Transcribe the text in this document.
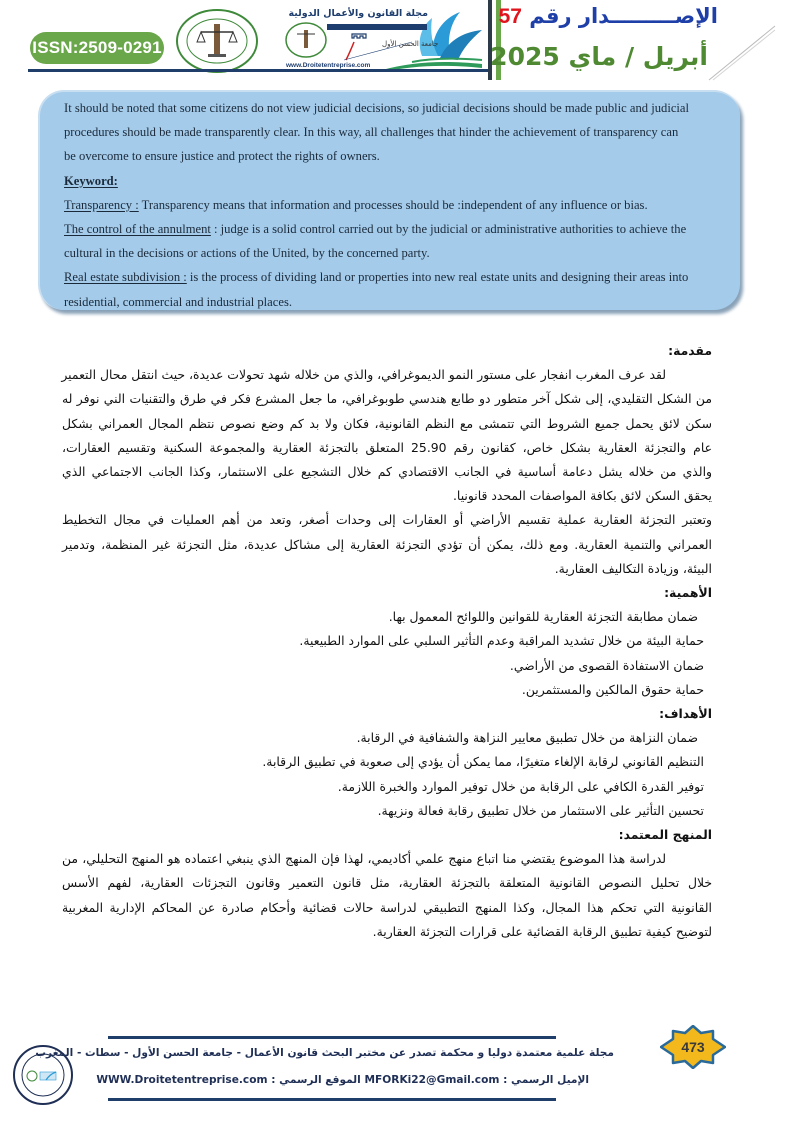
ISSN:2509-0291
مجلة القانون والأعمال الدولية
جامعة الحسن الأول
www.Droitetentreprise.com
الإصـــــــــدار رقم 57
أبريل / ماي 2025

It should be noted that some citizens do not view judicial decisions, so judicial decisions should be made public and judicial

procedures should be made transparently clear. In this way, all challenges that hinder the achievement of transparency can

be overcome to ensure justice and protect the rights of owners.

Keyword:

Transparency : Transparency means that information and processes should be :independent of any influence or bias.

The control of the annulment : judge is a solid control carried out by the judicial or administrative authorities to achieve the

cultural in the decisions or actions of the United, by the concerned party.

Real estate subdivision : is the process of dividing land or properties into new real estate units and designing their areas into

residential, commercial and industrial places.

مقدمة:
لقد عرف المغرب انفجار على مستور النمو الديموغرافي، والذي من خلاله شهد تحولات عديدة، حيث انتقل محال التعمير
من الشكل التقليدي، إلى شكل آخر متطور دو طابع هندسي طوبوغرافي، ما جعل المشرع فكر في طرق والتقنيات الني نوفر له
سكن لائق يحمل جميع الشروط التي تتمشى مع النظم القانونية، فكان ولا بد كم وضع نصوص نتظم المجال العمراني بشكل
عام والتجزئة العقارية بشكل خاص، كقانون رقم 25.90 المتعلق بالتجزئة العقارية والمجموعة السكنية وتقسيم العقارات،
والذي من خلاله يشل دعامة أساسية في الجانب الاقتصادي كم خلال التشجيع على الاستثمار، وكذا الجانب الاجتماعي الذي
يحقق السكن لائق بكافة المواصفات المحدد قانونيا.
وتعتبر التجزئة العقارية عملية تقسيم الأراضي أو العقارات إلى وحدات أصغر، وتعد من أهم العمليات في مجال التخطيط
العمراني والتنمية العقارية. ومع ذلك، يمكن أن تؤدي التجزئة العقارية إلى مشاكل عديدة، مثل التجزئة غير المنظمة، وتدمير
البيئة، وزيادة التكاليف العقارية.
الأهمية:
ضمان مطابقة التجزئة العقارية للقوانين واللوائح المعمول بها.
حماية البيئة من خلال تشديد المراقبة وعدم التأثير السلبي على الموارد الطبيعية.
ضمان الاستفادة القصوى من الأراضي.
حماية حقوق المالكين والمستثمرين.
الأهداف:
ضمان النزاهة من خلال تطبيق معايير النزاهة والشفافية في الرقابة.
التنظيم القانوني لرقابة الإلغاء متغيرًا، مما يمكن أن يؤدي إلى صعوبة في تطبيق الرقابة.
توفير القدرة الكافي على الرقابة من خلال توفير الموارد والخبرة اللازمة.
تحسين التأثير على الاستثمار من خلال تطبيق رقابة فعالة ونزيهة.
المنهج المعتمد:
لدراسة هذا الموضوع يقتضي منا اتباع منهج علمي أكاديمي، لهذا فإن المنهج الذي ينبغي اعتماده هو المنهج التحليلي، من
خلال تحليل النصوص القانونية المتعلقة بالتجزئة العقارية، مثل قانون التعمير وقانون التجزئات العقارية، لفهم الأسس
القانونية التي تحكم هذا المجال، وكذا المنهج التطبيقي لدراسة حالات قضائية وأحكام صادرة عن المحاكم الإدارية المغربية
لتوضيح كيفية تطبيق الرقابة القضائية على قرارات التجزئة العقارية.
مجلة علمية معتمدة دوليا و محكمة تصدر عن مختبر البحث قانون الأعمال - جامعة الحسن الأول - سطات - المغرب
الإميل الرسمي : MFORKi22@Gmail.com الموقع الرسمي : WWW.Droitetentreprise.com
473
